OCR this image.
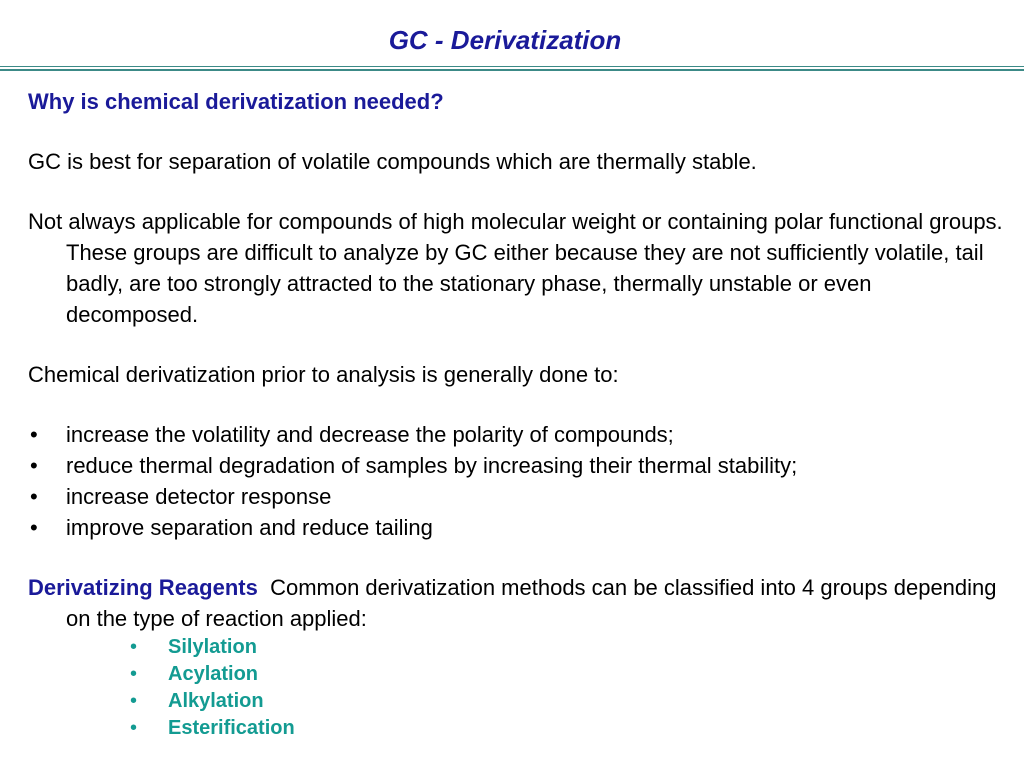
GC - Derivatization

Why is chemical derivatization needed?

GC is best for separation of volatile compounds which are thermally stable.

Not always applicable for compounds of high molecular weight or containing polar functional groups. These groups are difficult to analyze by GC either because they are not sufficiently volatile, tail badly, are too strongly attracted to the stationary phase, thermally unstable or even decomposed.

Chemical derivatization prior to analysis is generally done to:

• increase the volatility and decrease the polarity of compounds;
• reduce thermal degradation of samples by increasing their thermal stability;
• increase detector response
• improve separation and reduce tailing

Derivatizing Reagents Common derivatization methods can be classified into 4 groups depending on the type of reaction applied:

• Silylation
• Acylation
• Alkylation
• Esterification
